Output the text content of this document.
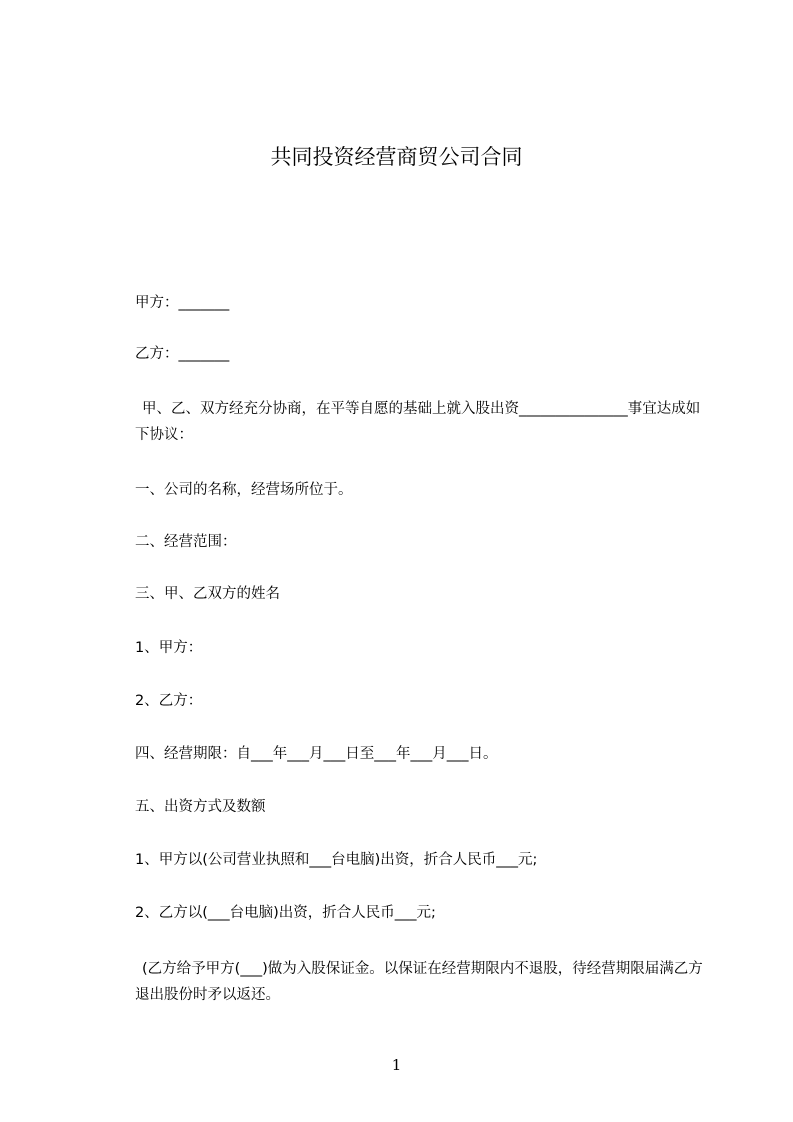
共同投资经营商贸公司合同
甲方：_______
乙方：_______
甲、乙、双方经充分协商，在平等自愿的基础上就入股出资_______________事宜达成如下协议：
一、公司的名称，经营场所位于。
二、经营范围：
三、甲、乙双方的姓名
1、甲方：
2、乙方：
四、经营期限：自___年___月___日至___年___月___日。
五、出资方式及数额
1、甲方以(公司营业执照和___台电脑)出资，折合人民币___元;
2、乙方以(___台电脑)出资，折合人民币___元;
(乙方给予甲方(___)做为入股保证金。以保证在经营期限内不退股，待经营期限届满乙方退出股份时矛以返还。
1
